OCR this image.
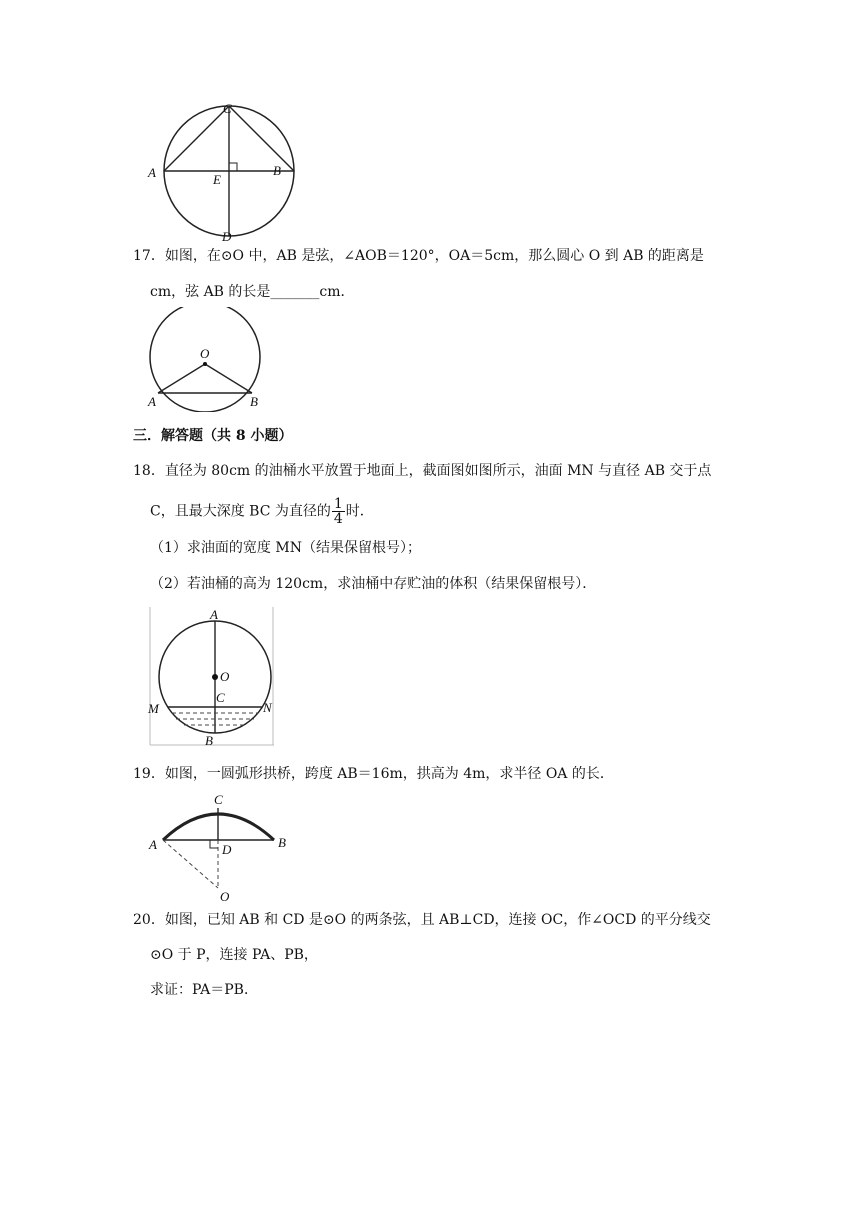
C
A	B
E
D
17．如图，在⊙O 中，AB 是弦，∠AOB＝120°，OA＝5cm，那么圆心 O 到 AB 的距离是
cm，弦 AB 的长是_______cm．
O
A	B
三．解答题（共 8 小题）
18．直径为 80cm 的油桶水平放置于地面上，截面图如图所示，油面 MN 与直径 AB 交于点
C，且最大深度 BC 为直径的 $\frac{1}{4}$ 时．
（1）求油面的宽度 MN（结果保留根号）；
（2）若油桶的高为 120cm，求油桶中存贮油的体积（结果保留根号）．
A
O
C
M	N
B
19．如图，一圆弧形拱桥，跨度 AB＝16m，拱高为 4m，求半径 OA 的长．
C
A	B
D
O
20．如图，已知 AB 和 CD 是⊙O 的两条弦，且 AB⊥CD，连接 OC，作∠OCD 的平分线交
⊙O 于 P，连接 PA、PB，
求证：PA＝PB．
